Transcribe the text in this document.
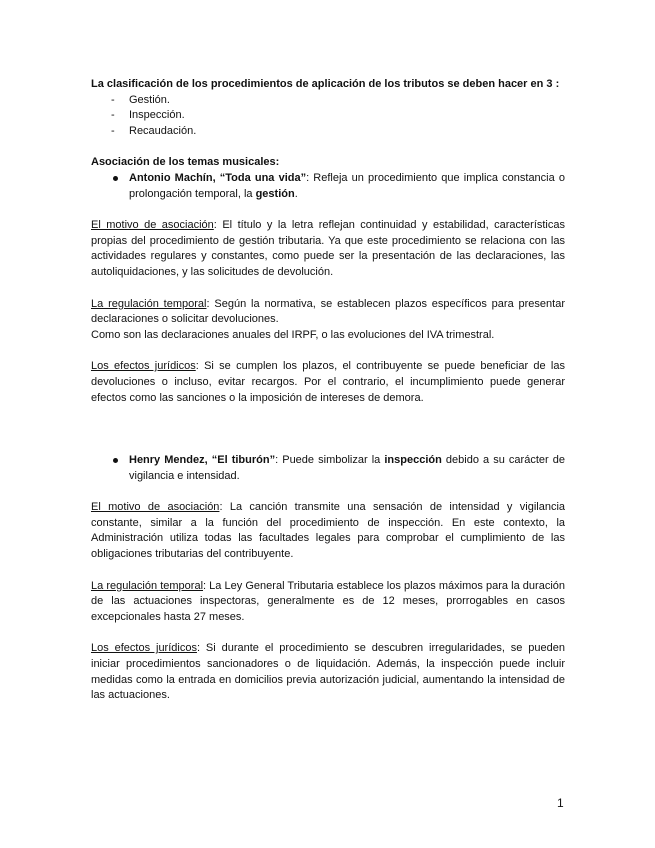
La clasificación de los procedimientos de aplicación de los tributos se deben hacer en 3 :

- Gestión.
- Inspección.
- Recaudación.

Asociación de los temas musicales:

Antonio Machín, “Toda una vida”: Refleja un procedimiento que implica constancia o prolongación temporal, la gestión.

El motivo de asociación: El título y la letra reflejan continuidad y estabilidad, características propias del procedimiento de gestión tributaria. Ya que este procedimiento se relaciona con las actividades regulares y constantes, como puede ser la presentación de las declaraciones, las autoliquidaciones, y las solicitudes de devolución.

La regulación temporal: Según la normativa, se establecen plazos específicos para presentar declaraciones o solicitar devoluciones.

Como son las declaraciones anuales del IRPF, o las evoluciones del IVA trimestral.

Los efectos jurídicos: Si se cumplen los plazos, el contribuyente se puede beneficiar de las devoluciones o incluso, evitar recargos. Por el contrario, el incumplimiento puede generar efectos como las sanciones o la imposición de intereses de demora.

Henry Mendez, “El tiburón”: Puede simbolizar la inspección debido a su carácter de vigilancia e intensidad.

El motivo de asociación: La canción transmite una sensación de intensidad y vigilancia constante, similar a la función del procedimiento de inspección. En este contexto, la Administración utiliza todas las facultades legales para comprobar el cumplimiento de las obligaciones tributarias del contribuyente.

La regulación temporal: La Ley General Tributaria establece los plazos máximos para la duración de las actuaciones inspectoras, generalmente es de 12 meses, prorrogables en casos excepcionales hasta 27 meses.

Los efectos jurídicos: Si durante el procedimiento se descubren irregularidades, se pueden iniciar procedimientos sancionadores o de liquidación. Además, la inspección puede incluir medidas como la entrada en domicilios previa autorización judicial, aumentando la intensidad de las actuaciones.

1
